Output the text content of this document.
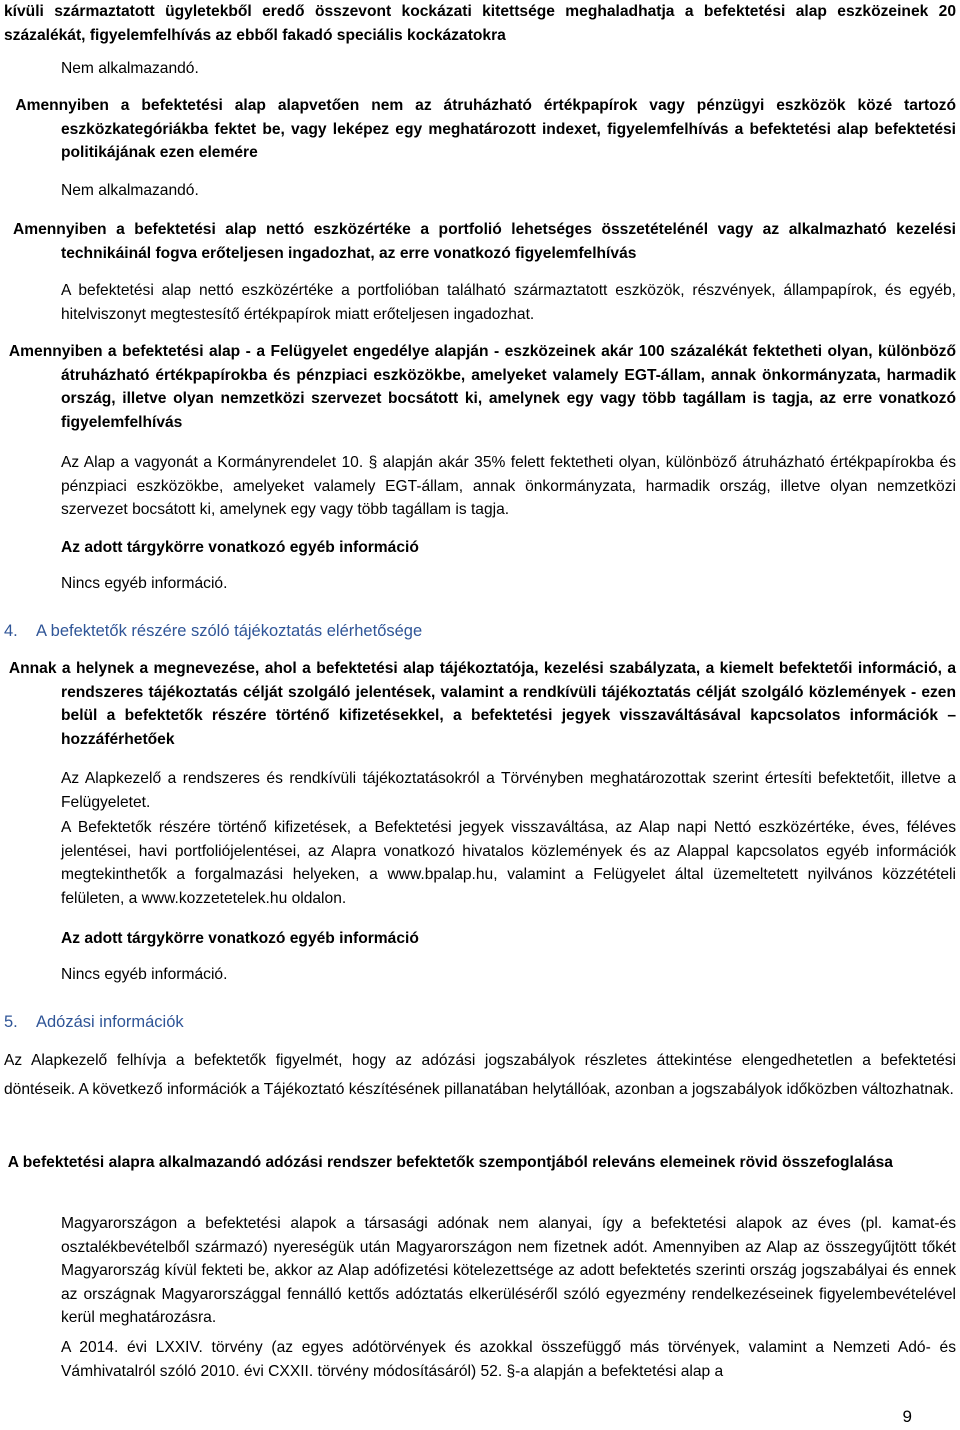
kívüli származtatott ügyletekből eredő összevont kockázati kitettsége meghaladhatja a befektetési alap eszközeinek 20 százalékát, figyelemfelhívás az ebből fakadó speciális kockázatokra
Nem alkalmazandó.
Amennyiben a befektetési alap alapvetően nem az átruházható értékpapírok vagy pénzügyi eszközök közé tartozó eszközkategóriákba fektet be, vagy leképez egy meghatározott indexet, figyelemfelhívás a befektetési alap befektetési politikájának ezen elemére
Nem alkalmazandó.
Amennyiben a befektetési alap nettó eszközértéke a portfolió lehetséges összetételénél vagy az alkalmazható kezelési technikáinál fogva erőteljesen ingadozhat, az erre vonatkozó figyelemfelhívás
A befektetési alap nettó eszközértéke a portfolióban található származtatott eszközök, részvények, állampapírok, és egyéb, hitelviszonyt megtestesítő értékpapírok miatt erőteljesen ingadozhat.
Amennyiben a befektetési alap - a Felügyelet engedélye alapján - eszközeinek akár 100 százalékát fektetheti olyan, különböző átruházható értékpapírokba és pénzpiaci eszközökbe, amelyeket valamely EGT-állam, annak önkormányzata, harmadik ország, illetve olyan nemzetközi szervezet bocsátott ki, amelynek egy vagy több tagállam is tagja, az erre vonatkozó figyelemfelhívás
Az Alap a vagyonát a Kormányrendelet 10. § alapján akár 35% felett fektetheti olyan, különböző átruházható értékpapírokba és pénzpiaci eszközökbe, amelyeket valamely EGT-állam, annak önkormányzata, harmadik ország, illetve olyan nemzetközi szervezet bocsátott ki, amelynek egy vagy több tagállam is tagja.
Az adott tárgykörre vonatkozó egyéb információ
Nincs egyéb információ.
4. A befektetők részére szóló tájékoztatás elérhetősége
Annak a helynek a megnevezése, ahol a befektetési alap tájékoztatója, kezelési szabályzata, a kiemelt befektetői információ, a rendszeres tájékoztatás célját szolgáló jelentések, valamint a rendkívüli tájékoztatás célját szolgáló közlemények - ezen belül a befektetők részére történő kifizetésekkel, a befektetési jegyek visszaváltásával kapcsolatos információk – hozzáférhetőek
Az Alapkezelő a rendszeres és rendkívüli tájékoztatásokról a Törvényben meghatározottak szerint értesíti befektetőit, illetve a Felügyeletet.
A Befektetők részére történő kifizetések, a Befektetési jegyek visszaváltása, az Alap napi Nettó eszközértéke, éves, féléves jelentései, havi portfoliójelentései, az Alapra vonatkozó hivatalos közlemények és az Alappal kapcsolatos egyéb információk megtekinthetők a forgalmazási helyeken, a www.bpalap.hu, valamint a Felügyelet által üzemeltetett nyilvános közzétételi felületen, a www.kozzetetelek.hu oldalon.
Az adott tárgykörre vonatkozó egyéb információ
Nincs egyéb információ.
5. Adózási információk
Az Alapkezelő felhívja a befektetők figyelmét, hogy az adózási jogszabályok részletes áttekintése elengedhetetlen a befektetési döntéseik. A következő információk a Tájékoztató készítésének pillanatában helytállóak, azonban a jogszabályok időközben változhatnak.
A befektetési alapra alkalmazandó adózási rendszer befektetők szempontjából releváns elemeinek rövid összefoglalása
Magyarországon a befektetési alapok a társasági adónak nem alanyai, így a befektetési alapok az éves (pl. kamat-és osztalékbevételből származó) nyereségük után Magyarországon nem fizetnek adót. Amennyiben az Alap az összegyűjtött tőkét Magyarország kívül fekteti be, akkor az Alap adófizetési kötelezettsége az adott befektetés szerinti ország jogszabályai és ennek az országnak Magyarországgal fennálló kettős adóztatás elkerüléséről szóló egyezmény rendelkezéseinek figyelembevételével kerül meghatározásra.
A 2014. évi LXXIV. törvény (az egyes adótörvények és azokkal összefüggő más törvények, valamint a Nemzeti Adó- és Vámhivatalról szóló 2010. évi CXXII. törvény módosításáról) 52. §-a alapján a befektetési alap a
9
